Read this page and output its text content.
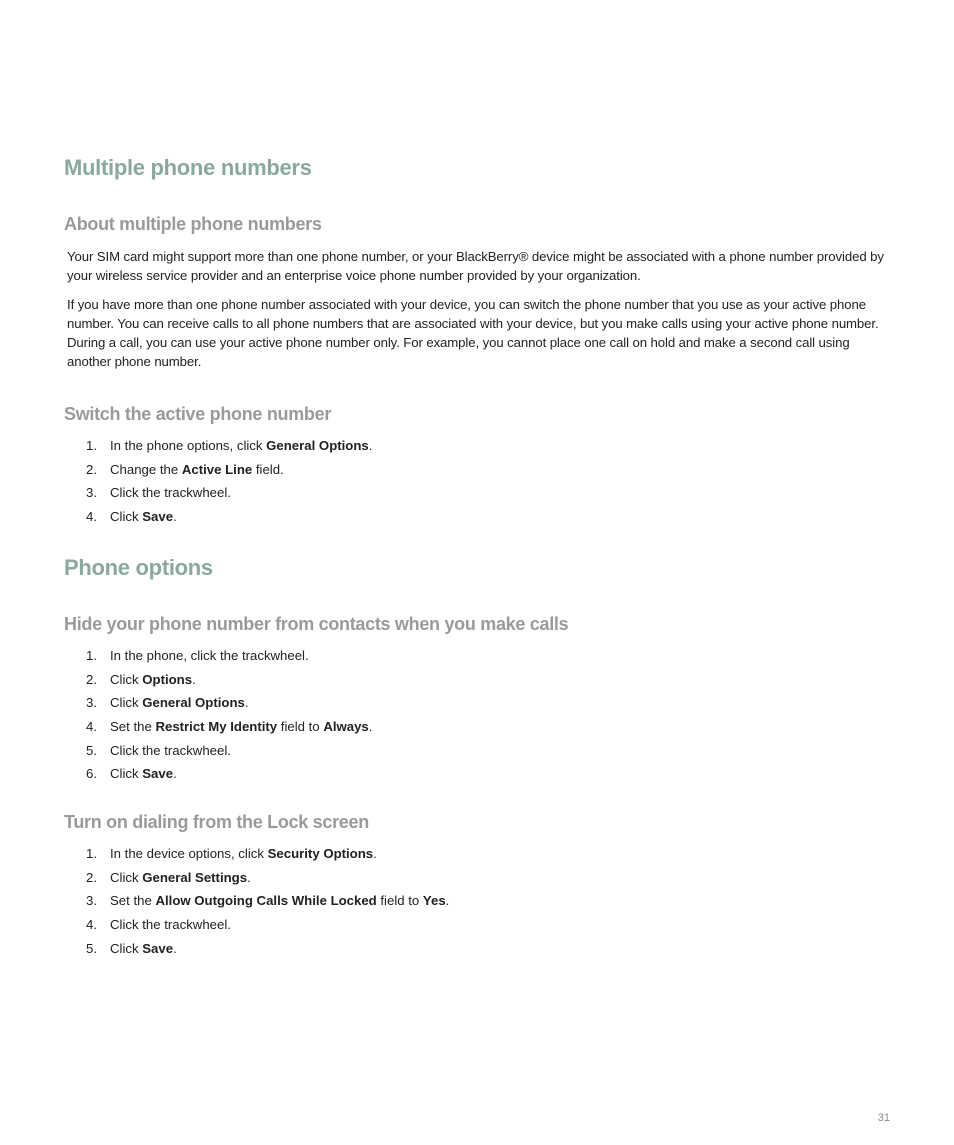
Multiple phone numbers
About multiple phone numbers

Your SIM card might support more than one phone number, or your BlackBerry® device might be associated with a phone number provided by your wireless service provider and an enterprise voice phone number provided by your organization.

If you have more than one phone number associated with your device, you can switch the phone number that you use as your active phone number. You can receive calls to all phone numbers that are associated with your device, but you make calls using your active phone number. During a call, you can use your active phone number only. For example, you cannot place one call on hold and make a second call using another phone number.

Switch the active phone number
1. In the phone options, click General Options.
2. Change the Active Line field.
3. Click the trackwheel.
4. Click Save.
Phone options
Hide your phone number from contacts when you make calls
1. In the phone, click the trackwheel.
2. Click Options.
3. Click General Options.
4. Set the Restrict My Identity field to Always.
5. Click the trackwheel.
6. Click Save.
Turn on dialing from the Lock screen
1. In the device options, click Security Options.
2. Click General Settings.
3. Set the Allow Outgoing Calls While Locked field to Yes.
4. Click the trackwheel.
5. Click Save.
31
